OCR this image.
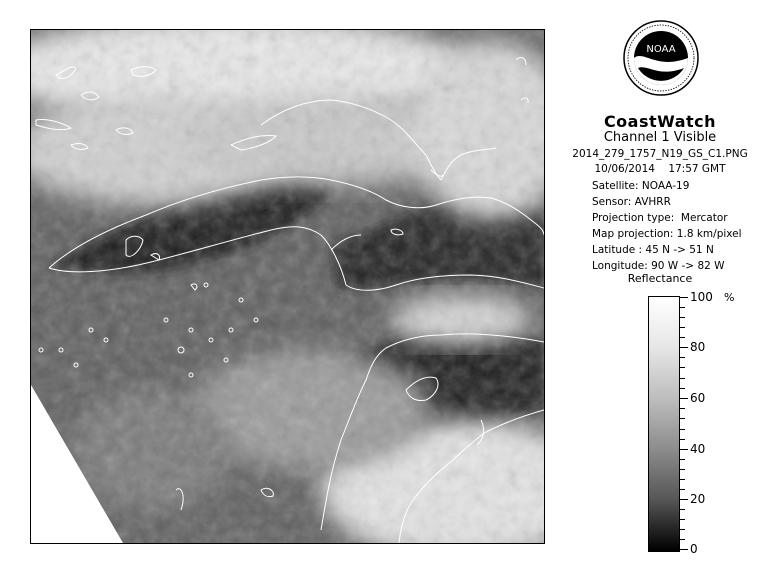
NOAA
CoastWatch
Channel 1 Visible
2014_279_1757_N19_GS_C1.PNG
10/06/2014    17:57 GMT
Satellite: NOAA-19
Sensor: AVHRR
Projection type:  Mercator
Map projection: 1.8 km/pixel
Latitude : 45 N -> 51 N
Longitude: 90 W -> 82 W
Reflectance
%
100
80
60
40
20
0
